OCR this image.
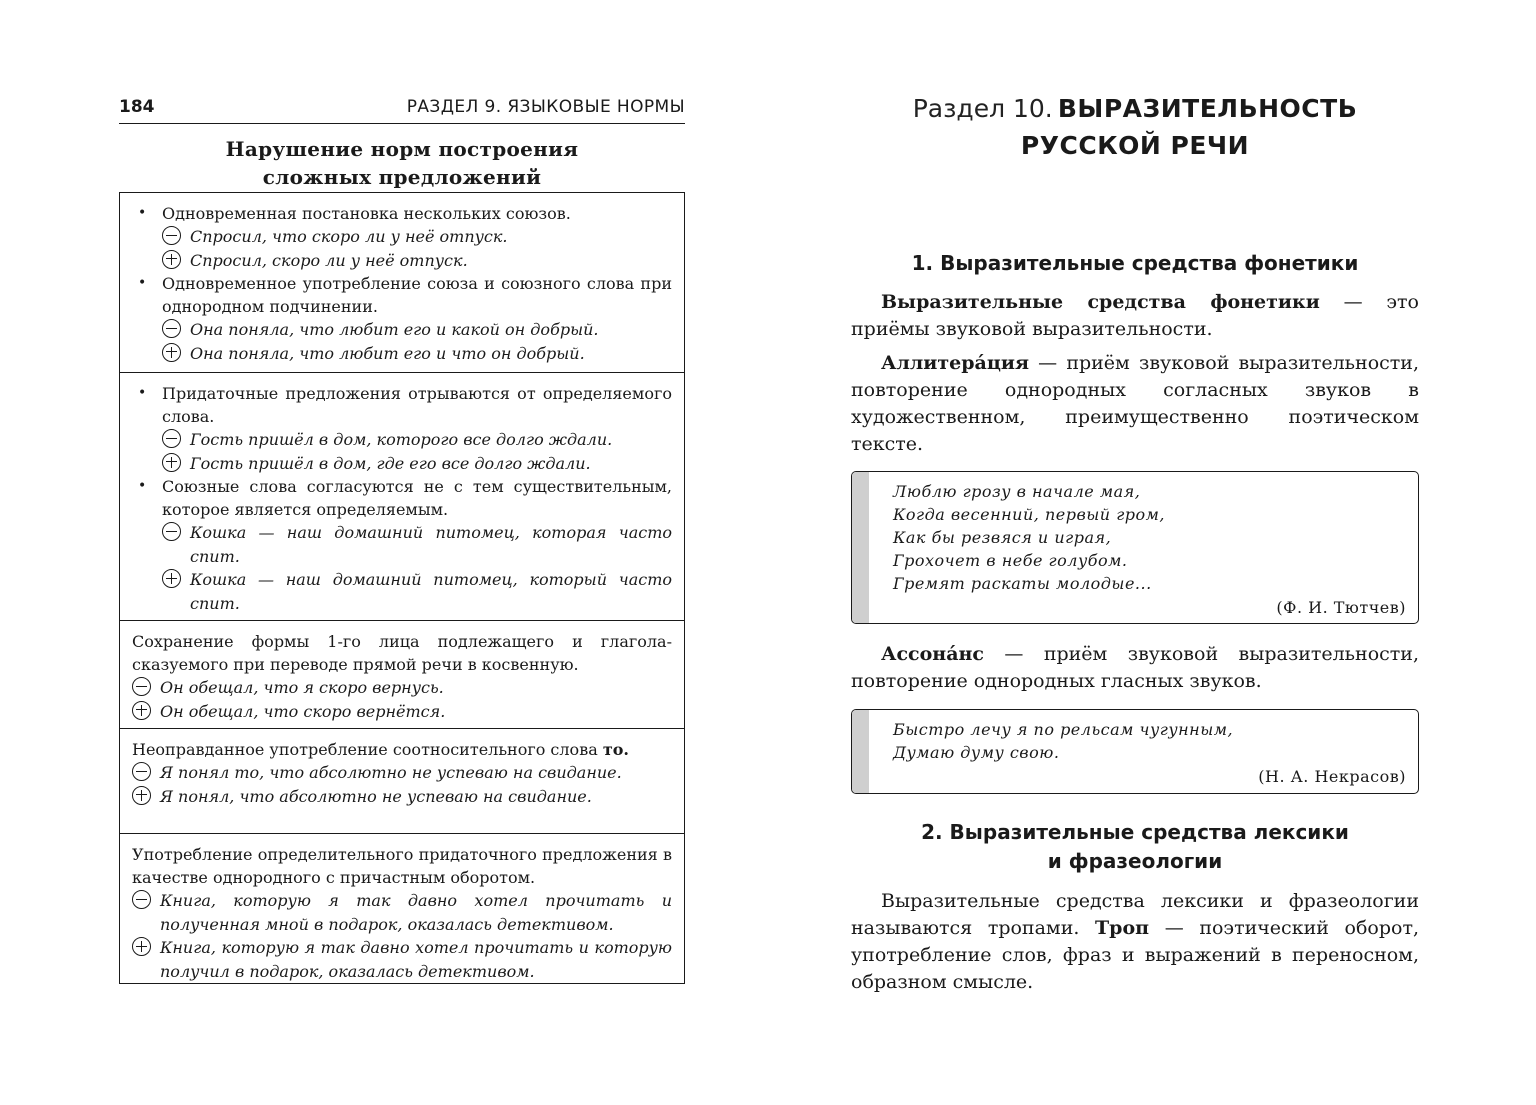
184	РАЗДЕЛ 9. ЯЗЫКОВЫЕ НОРМЫ
Нарушение норм построения
сложных предложений
• Одновременная постановка нескольких союзов.
Спросил, что скоро ли у неё отпуск.
Спросил, скоро ли у неё отпуск.
• Одновременное употребление союза и союзного слова при однородном подчинении.
Она поняла, что любит его и какой он добрый.
Она поняла, что любит его и что он добрый.
• Придаточные предложения отрываются от определяемого слова.
Гость пришёл в дом, которого все долго ждали.
Гость пришёл в дом, где его все долго ждали.
• Союзные слова согласуются не с тем существительным, которое является определяемым.
Кошка — наш домашний питомец, которая часто спит.
Кошка — наш домашний питомец, который часто спит.
Сохранение формы 1-го лица подлежащего и глагола-сказуемого при переводе прямой речи в косвенную.
Он обещал, что я скоро вернусь.
Он обещал, что скоро вернётся.
Неоправданное употребление соотносительного слова то.
Я понял то, что абсолютно не успеваю на свидание.
Я понял, что абсолютно не успеваю на свидание.
Употребление определительного придаточного предложения в качестве однородного с причастным оборотом.
Книга, которую я так давно хотел прочитать и полученная мной в подарок, оказалась детективом.
Книга, которую я так давно хотел прочитать и которую получил в подарок, оказалась детективом.
Раздел 10. ВЫРАЗИТЕЛЬНОСТЬ
РУССКОЙ РЕЧИ
1. Выразительные средства фонетики
Выразительные средства фонетики — это приёмы звуковой выразительности.
Аллитера́ция — приём звуковой выразительности, повторение однородных согласных звуков в художественном, преимущественно поэтическом тексте.
Люблю грозу в начале мая,
Когда весенний, первый гром,
Как бы резвяся и играя,
Грохочет в небе голубом.
Гремят раскаты молодые...
(Ф. И. Тютчев)
Ассона́нс — приём звуковой выразительности, повторение однородных гласных звуков.
Быстро лечу я по рельсам чугунным,
Думаю думу свою.
(Н. А. Некрасов)
2. Выразительные средства лексики
и фразеологии
Выразительные средства лексики и фразеологии называются тропами. Троп — поэтический оборот, употребление слов, фраз и выражений в переносном, образном смысле.
